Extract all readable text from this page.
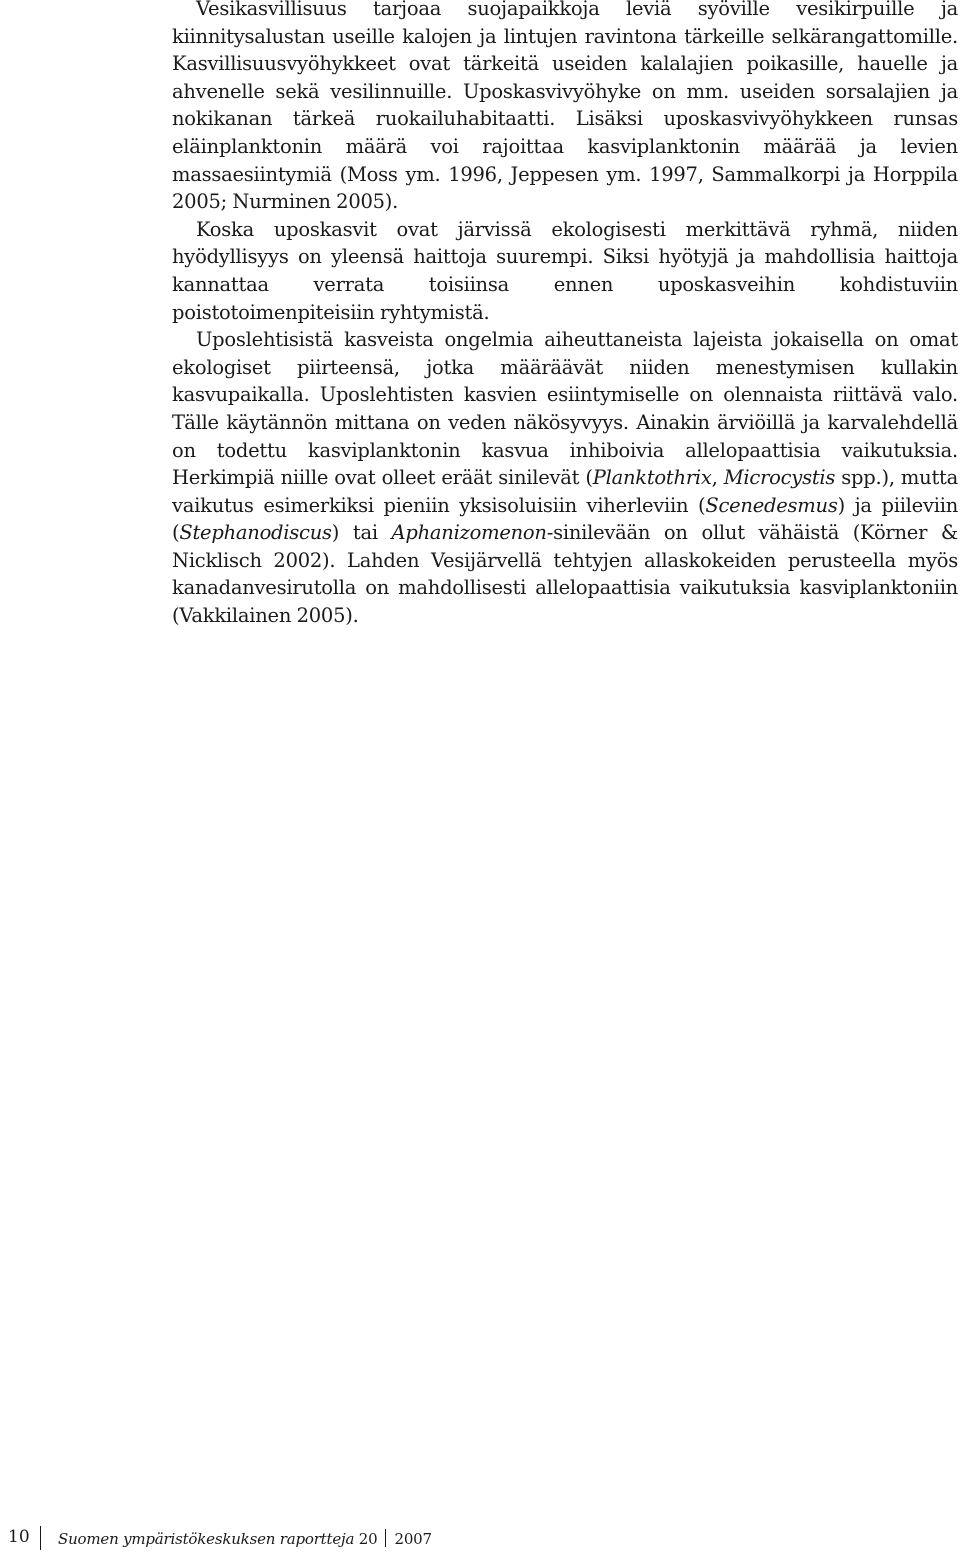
Vesikasvillisuus tarjoaa suojapaikkoja leviä syöville vesikirpuille ja kiinnitysalustan useille kalojen ja lintujen ravintona tärkeille selkärangattomille. Kasvillisuusvyöhykkeet ovat tärkeitä useiden kalalajien poikasille, hauelle ja ahvenelle sekä vesilinnuille. Uposkasvivyöhyke on mm. useiden sorsalajien ja nokikanan tärkeä ruokailuhabitaatti. Lisäksi uposkasvivyöhykkeen runsas eläinplanktonin määrä voi rajoittaa kasviplanktonin määrää ja levien massaesiintymiä (Moss ym. 1996, Jeppesen ym. 1997, Sammalkorpi ja Horppila 2005; Nurminen 2005).

Koska uposkasvit ovat järvissä ekologisesti merkittävä ryhmä, niiden hyödyllisyys on yleensä haittoja suurempi. Siksi hyötyjä ja mahdollisia haittoja kannattaa verrata toisiinsa ennen uposkasveihin kohdistuviin poistotoimenpiteisiin ryhtymistä.

Uposlehtisistä kasveista ongelmia aiheuttaneista lajeista jokaisella on omat ekologiset piirteensä, jotka määräävät niiden menestymisen kullakin kasvupaikalla. Uposlehtisten kasvien esiintymiselle on olennaista riittävä valo. Tälle käytännön mittana on veden näkösyvyys. Ainakin ärviöillä ja karvalehdellä on todettu kasviplanktonin kasvua inhiboivia allelopaattisia vaikutuksia. Herkimpiä niille ovat olleet eräät sinilevät (Planktothrix, Microcystis spp.), mutta vaikutus esimerkiksi pieniin yksisoluisiin viherleviin (Scenedesmus) ja piileviin (Stephanodiscus) tai Aphanizomenon-sinilevään on ollut vähäistä (Körner & Nicklisch 2002). Lahden Vesijärvellä tehtyjen allaskokeiden perusteella myös kanadanvesirutolla on mahdollisesti allelopaattisia vaikutuksia kasviplanktoniin (Vakkilainen 2005).

10 Suomen ympäristökeskuksen raportteja 20 2007
